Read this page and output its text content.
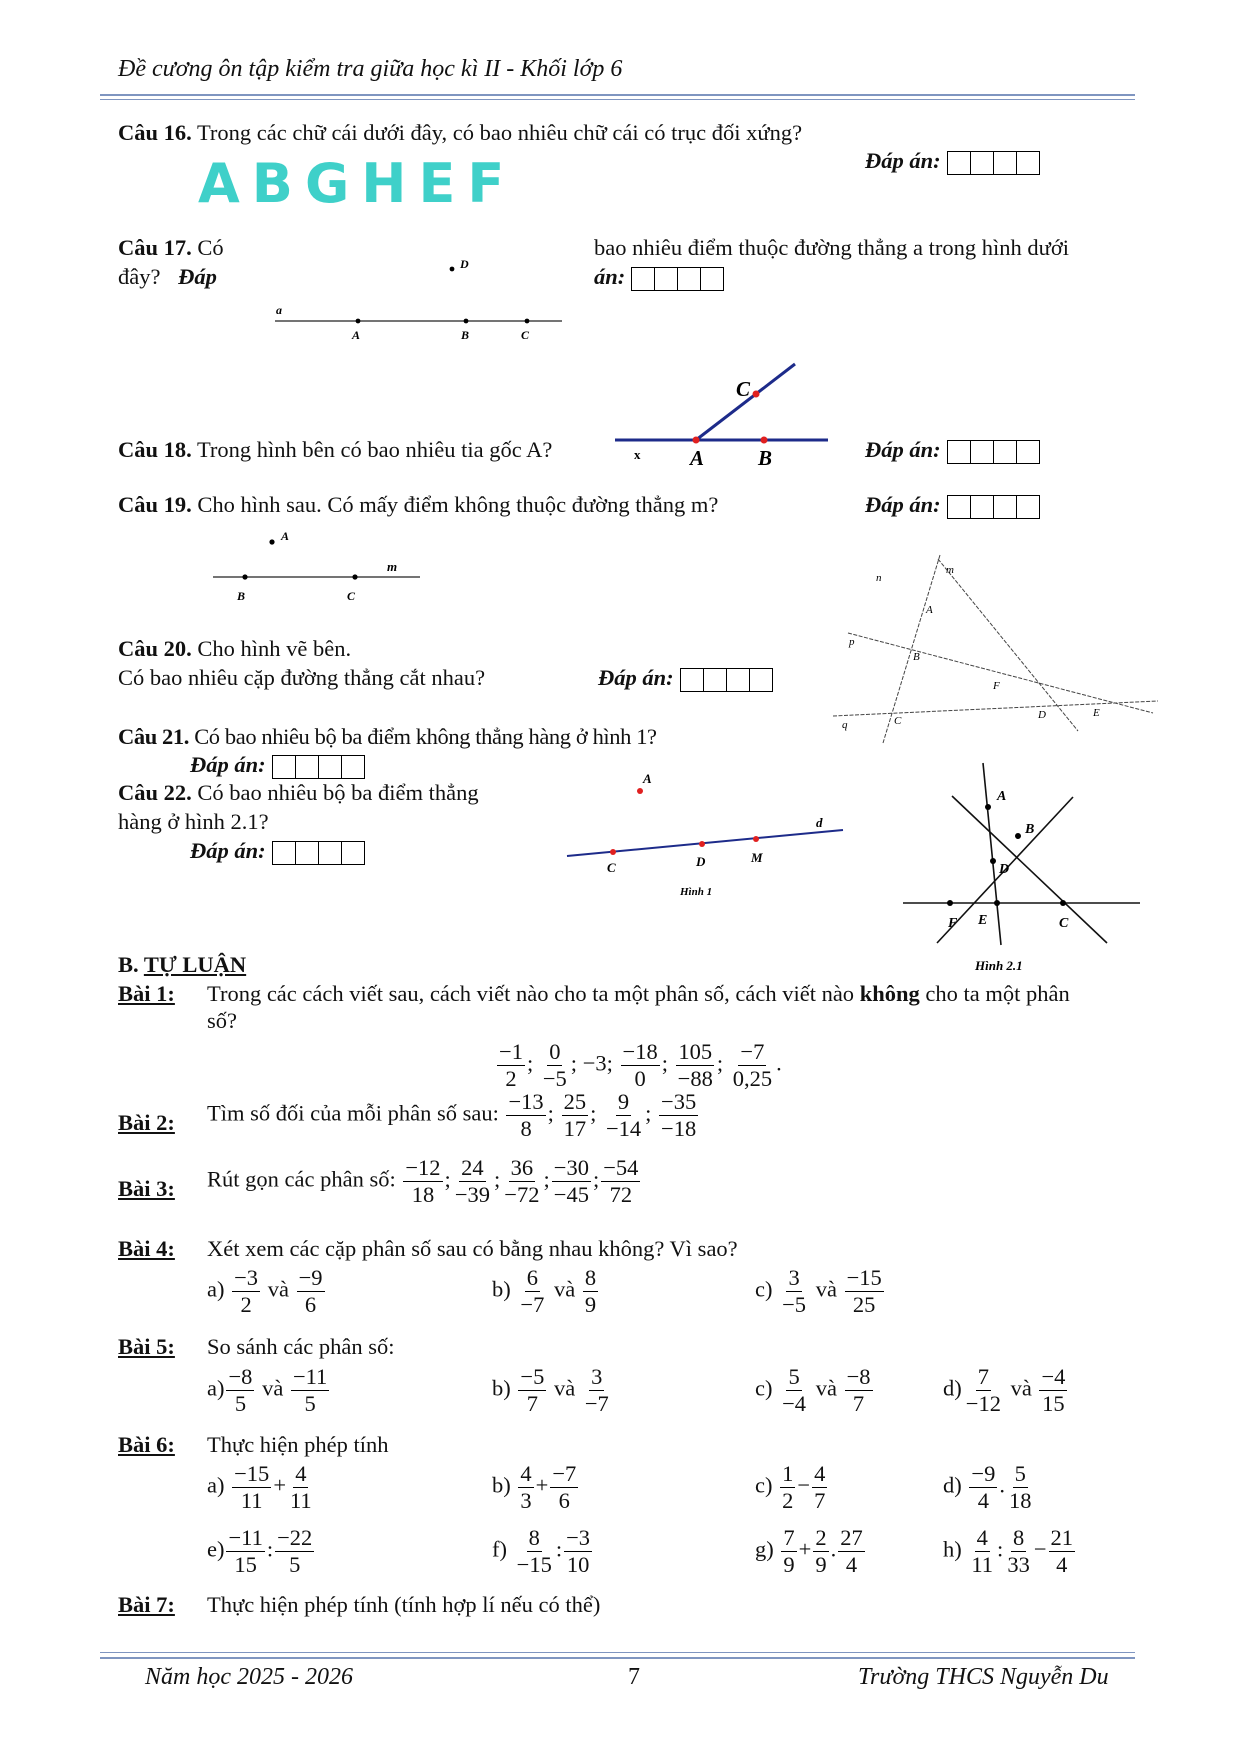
Đề cương ôn tập kiểm tra giữa học kì II - Khối lớp 6
Câu 16. Trong các chữ cái dưới đây, có bao nhiêu chữ cái có trục đối xứng?
Đáp án:
ABGHEF
Câu 17. Có
đây? Đáp
bao nhiêu điểm thuộc đường thẳng a trong hình dưới
án:
D
a
A	B	C
C
x A	B
Câu 18. Trong hình bên có bao nhiêu tia gốc A?	Đáp án:
Câu 19. Cho hình sau. Có mấy điểm không thuộc đường thẳng m?	Đáp án:
A
m
B	C
n
m
A
p
B
F
q	C	D	E
Câu 20. Cho hình vẽ bên.
Có bao nhiêu cặp đường thẳng cắt nhau?	Đáp án:
Câu 21. Có bao nhiêu bộ ba điểm không thẳng hàng ở hình 1?
Đáp án:
Câu 22. Có bao nhiêu bộ ba điểm thẳng
hàng ở hình 2.1?
Đáp án:
A
d
C	D	M
Hình 1
A
B
D
F E	C
Hình 2.1
B. TỰ LUẬN
Bài 1: Trong các cách viết sau, cách viết nào cho ta một phân số, cách viết nào không cho ta một phân
số?
$\frac{-1}{2}$ ; $\frac{0}{-5}$ ; −3; $\frac{-18}{0}$ ; $\frac{105}{-88}$ ; $\frac{-7}{0,25}$ .
Bài 2: Tìm số đối của mỗi phân số sau: $\frac{-13}{8}$ ; $\frac{25}{17}$ ; $\frac{9}{-14}$ ; $\frac{-35}{-18}$
Bài 3: Rút gọn các phân số: $\frac{-12}{18}$ ; $\frac{24}{-39}$ ; $\frac{36}{-72}$ ; $\frac{-30}{-45}$ ; $\frac{-54}{72}$
Bài 4: Xét xem các cặp phân số sau có bằng nhau không? Vì sao?
$a) \frac{-3}{2}$ và $\frac{-9}{6}$	$b) \frac{6}{-7}$ và $\frac{8}{9}$	$c) \frac{3}{-5}$ và $\frac{-15}{25}$
Bài 5: So sánh các phân số:
$a) \frac{-8}{5}$ và $\frac{-11}{5}$	$b) \frac{-5}{7}$ và $\frac{3}{-7}$	$c) \frac{5}{-4}$ và $\frac{-8}{7}$	$d) \frac{7}{-12}$ và $\frac{-4}{15}$
Bài 6: Thực hiện phép tính
$a) \frac{-15}{11} + \frac{4}{11}$	$b) \frac{4}{3} + \frac{-7}{6}$	$c) \frac{1}{2} - \frac{4}{7}$	$d) \frac{-9}{4}$ . $\frac{5}{18}$
$e) \frac{-11}{15}$ : $\frac{-22}{5}$	$f) \frac{8}{-15}$ : $\frac{-3}{10}$	$g) \frac{7}{9} + \frac{2}{9}$ . $\frac{27}{4}$	$h) \frac{4}{11}$ : $\frac{8}{33} - \frac{21}{4}$
Bài 7: Thực hiện phép tính (tính hợp lí nếu có thể)
Năm học 2025 - 2026	7	Trường THCS Nguyễn Du
